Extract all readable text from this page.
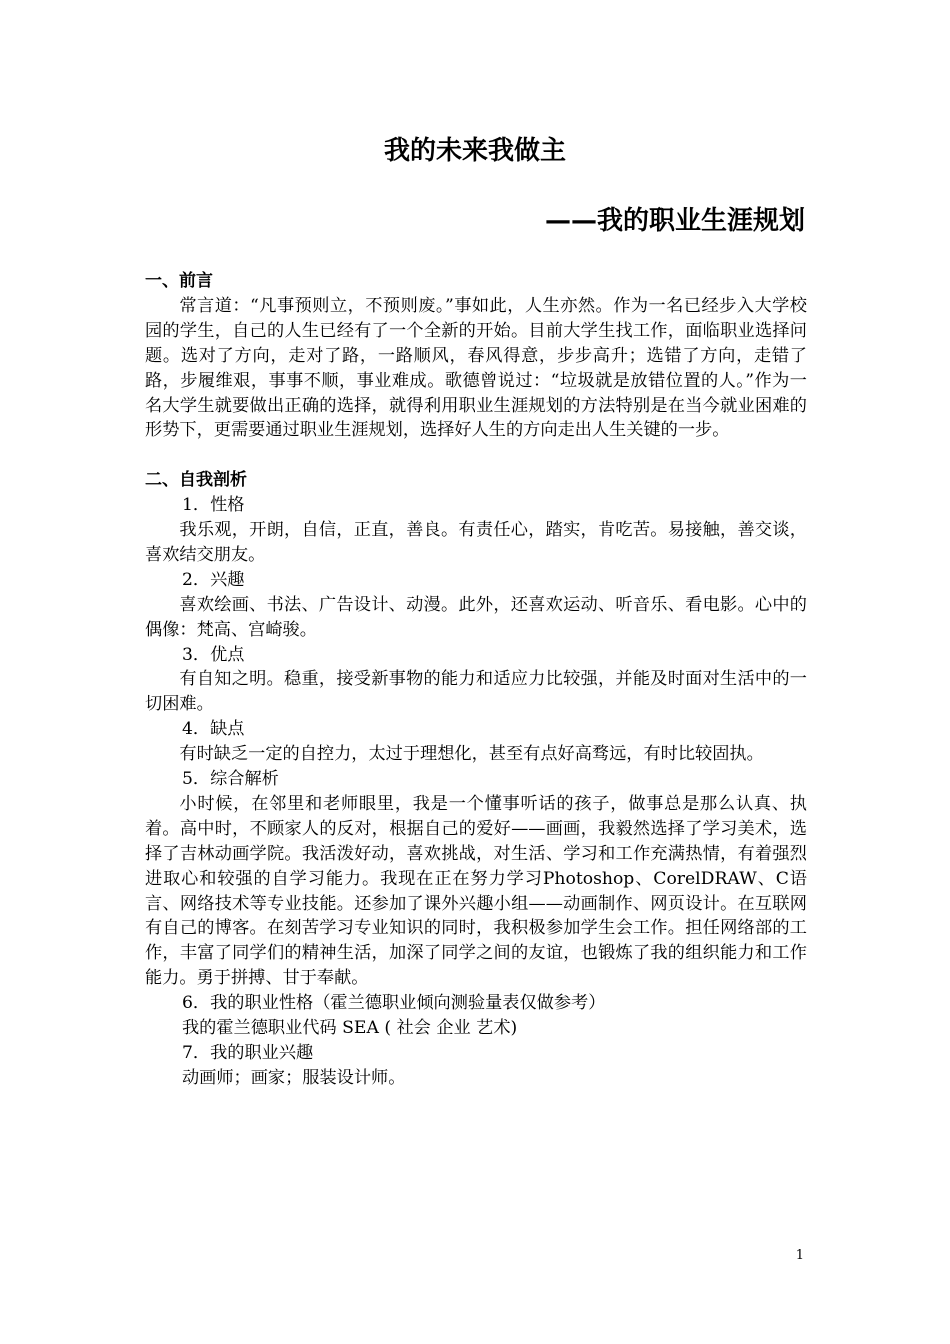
我的未来我做主
——我的职业生涯规划
一、前言

常言道：“凡事预则立，不预则废。”事如此，人生亦然。作为一名已经步入大学校园的学生，自己的人生已经有了一个全新的开始。目前大学生找工作，面临职业选择问题。选对了方向，走对了路，一路顺风，春风得意，步步高升；选错了方向，走错了路，步履维艰，事事不顺，事业难成。歌德曾说过：“垃圾就是放错位置的人。”作为一名大学生就要做出正确的选择，就得利用职业生涯规划的方法特别是在当今就业困难的形势下，更需要通过职业生涯规划，选择好人生的方向走出人生关键的一步。

二、自我剖析
1．性格

我乐观，开朗，自信，正直，善良。有责任心，踏实，肯吃苦。易接触，善交谈，喜欢结交朋友。

2．兴趣

喜欢绘画、书法、广告设计、动漫。此外，还喜欢运动、听音乐、看电影。心中的偶像：梵高、宫崎骏。

3．优点

有自知之明。稳重，接受新事物的能力和适应力比较强，并能及时面对生活中的一切困难。

4．缺点

有时缺乏一定的自控力，太过于理想化，甚至有点好高骛远，有时比较固执。

5．综合解析

小时候，在邻里和老师眼里，我是一个懂事听话的孩子，做事总是那么认真、执着。高中时，不顾家人的反对，根据自己的爱好——画画，我毅然选择了学习美术，选择了吉林动画学院。我活泼好动，喜欢挑战，对生活、学习和工作充满热情，有着强烈进取心和较强的自学习能力。我现在正在努力学习Photoshop、CorelDRAW、C语言、网络技术等专业技能。还参加了课外兴趣小组——动画制作、网页设计。在互联网有自己的博客。在刻苦学习专业知识的同时，我积极参加学生会工作。担任网络部的工作，丰富了同学们的精神生活，加深了同学之间的友谊，也锻炼了我的组织能力和工作能力。勇于拼搏、甘于奉献。

6．我的职业性格（霍兰德职业倾向测验量表仅做参考）
我的霍兰德职业代码 SEA ( 社会 企业 艺术)
7．我的职业兴趣
动画师；画家；服装设计师。
1
